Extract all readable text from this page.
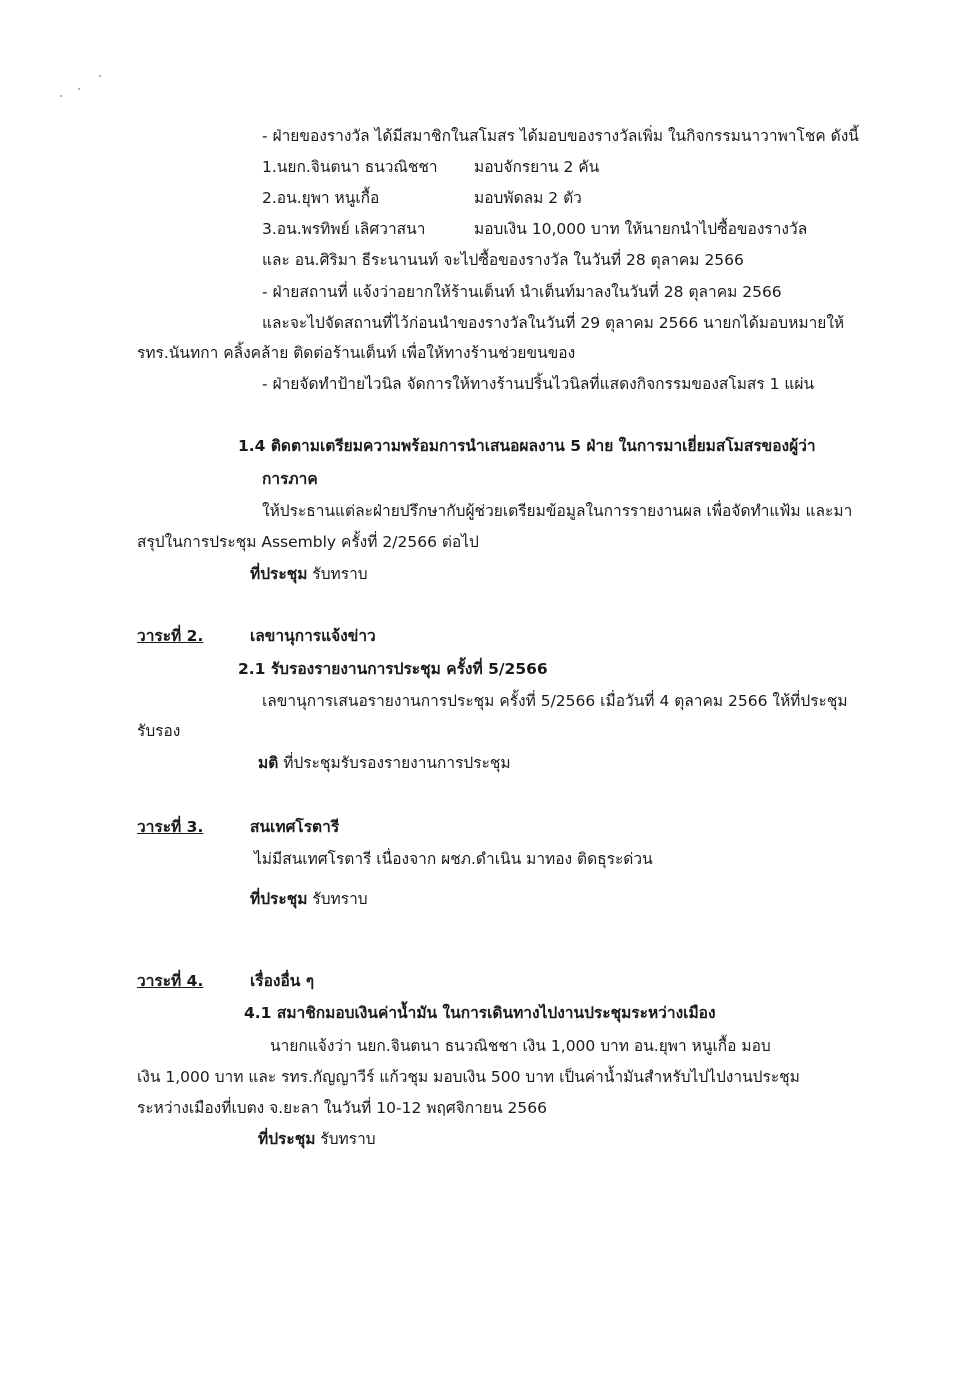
- ฝ่ายของรางวัล ได้มีสมาชิกในสโมสร ได้มอบของรางวัลเพิ่ม ในกิจกรรมนาวาพาโชค ดังนี้
1.นยก.จินตนา ธนวณิชชา มอบจักรยาน 2 คัน
2.อน.ยุพา หนูเกื้อ	มอบพัดลม 2 ตัว
3.อน.พรทิพย์ เลิศวาสนา	มอบเงิน 10,000 บาท ให้นายกนำไปซื้อของรางวัล
และ อน.ศิริมา ธีระนานนท์ จะไปซื้อของรางวัล ในวันที่ 28 ตุลาคม 2566
- ฝ่ายสถานที่ แจ้งว่าอยากให้ร้านเต็นท์ นำเต็นท์มาลงในวันที่ 28 ตุลาคม 2566
และจะไปจัดสถานที่ไว้ก่อนนำของรางวัลในวันที่ 29 ตุลาคม 2566 นายกได้มอบหมายให้
รทร.นันทกา คลิ้งคล้าย ติดต่อร้านเต็นท์ เพื่อให้ทางร้านช่วยขนของ
- ฝ่ายจัดทำป้ายไวนิล จัดการให้ทางร้านปริ้นไวนิลที่แสดงกิจกรรมของสโมสร 1 แผ่น
1.4 ติดตามเตรียมความพร้อมการนำเสนอผลงาน 5 ฝ่าย ในการมาเยี่ยมสโมสรของผู้ว่า
การภาค
ให้ประธานแต่ละฝ่ายปรึกษากับผู้ช่วยเตรียมข้อมูลในการรายงานผล เพื่อจัดทำแฟ้ม และมา
สรุปในการประชุม Assembly ครั้งที่ 2/2566 ต่อไป
ที่ประชุม รับทราบ
วาระที่ 2.	เลขานุการแจ้งข่าว
2.1 รับรองรายงานการประชุม ครั้งที่ 5/2566
เลขานุการเสนอรายงานการประชุม ครั้งที่ 5/2566 เมื่อวันที่ 4 ตุลาคม 2566 ให้ที่ประชุม
รับรอง
มติ ที่ประชุมรับรองรายงานการประชุม
วาระที่ 3.	สนเทศโรตารี
ไม่มีสนเทศโรตารี เนื่องจาก ผชภ.ดำเนิน มาทอง ติดธุระด่วน
ที่ประชุม รับทราบ
วาระที่ 4.	เรื่องอื่น ๆ
4.1 สมาชิกมอบเงินค่าน้ำมัน ในการเดินทางไปงานประชุมระหว่างเมือง
นายกแจ้งว่า นยก.จินตนา ธนวณิชชา เงิน 1,000 บาท อน.ยุพา หนูเกื้อ มอบ
เงิน 1,000 บาท และ รทร.กัญญาวีร์ แก้วชุม มอบเงิน 500 บาท เป็นค่าน้ำมันสำหรับไปไปงานประชุม
ระหว่างเมืองที่เบตง จ.ยะลา ในวันที่ 10-12 พฤศจิกายน 2566
ที่ประชุม รับทราบ
